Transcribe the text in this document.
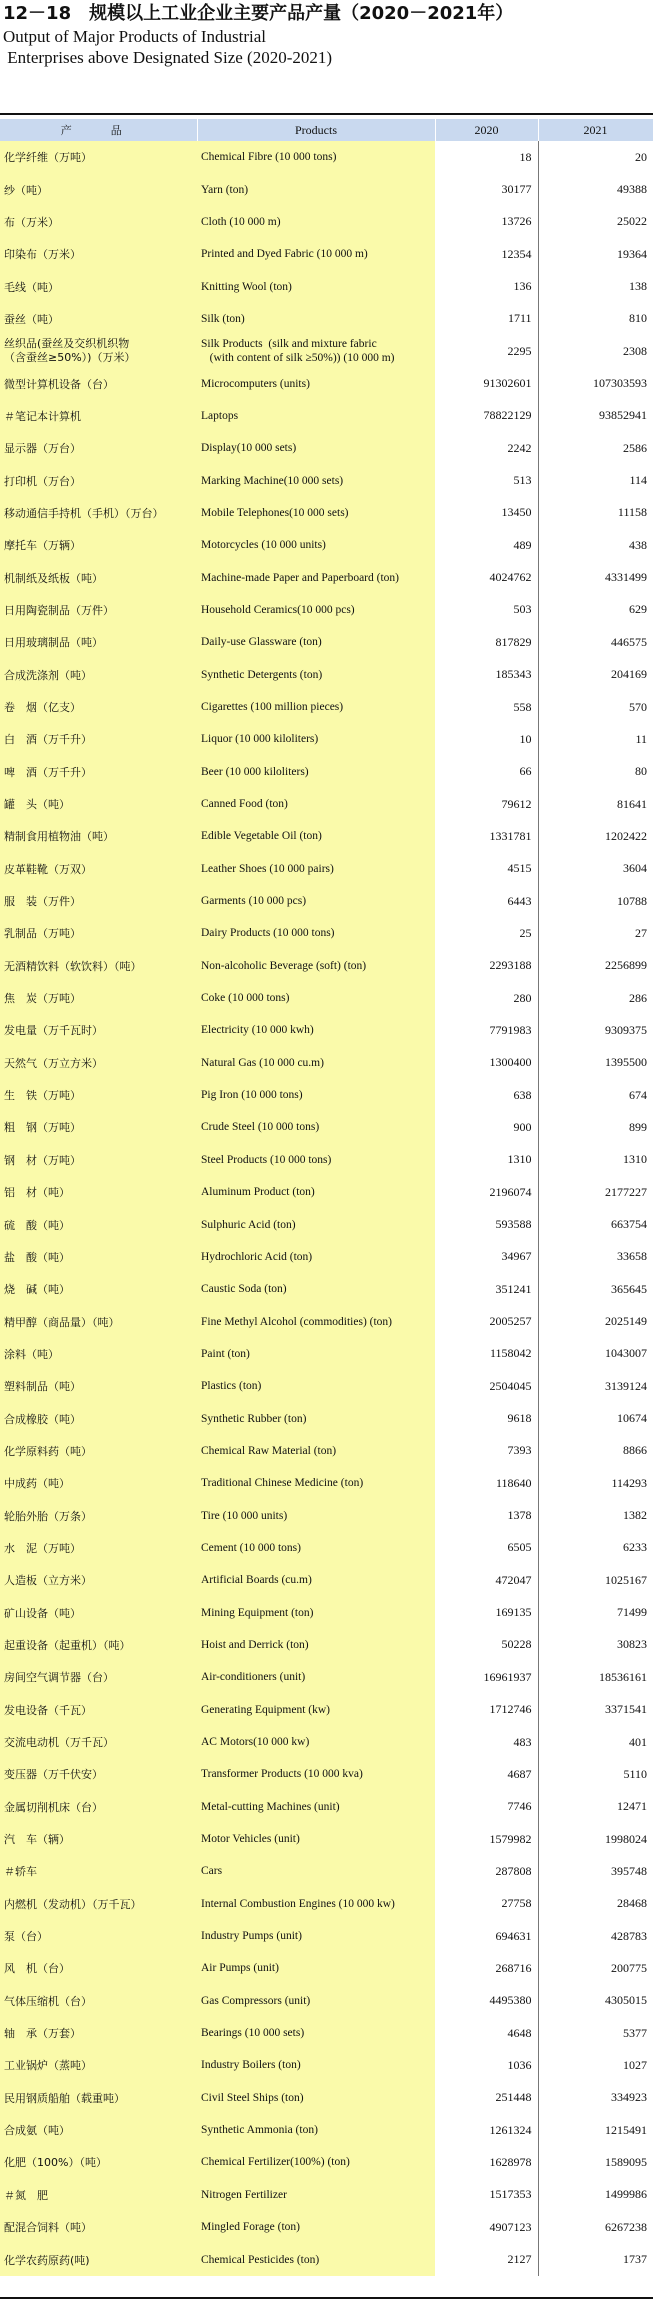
12－18　规模以上工业企业主要产品产量（2020－2021年）
Output of Major Products of Industrial
Enterprises above Designated Size (2020-2021)
产　品	Products	2020	2021
化学纤维（万吨）	Chemical Fibre (10 000 tons)	18	20
纱（吨）	Yarn (ton)	30177	49388
布（万米）	Cloth (10 000 m)	13726	25022
印染布（万米）	Printed and Dyed Fabric (10 000 m)	12354	19364
毛线（吨）	Knitting Wool (ton)	136	138
蚕丝（吨）	Silk (ton)	1711	810
丝织品(蚕丝及交织机织物
（含蚕丝≥50%）)（万米）	Silk Products  (silk and mixture fabric
(with content of silk ≥50%)) (10 000 m)	2295	2308
微型计算机设备（台）	Microcomputers (units)	91302601	107303593
＃笔记本计算机	Laptops	78822129	93852941
显示器（万台）	Display(10 000 sets)	2242	2586
打印机（万台）	Marking Machine(10 000 sets)	513	114
移动通信手持机（手机）（万台）	Mobile Telephones(10 000 sets)	13450	11158
摩托车（万辆）	Motorcycles (10 000 units)	489	438
机制纸及纸板（吨）	Machine-made Paper and Paperboard (ton)	4024762	4331499
日用陶瓷制品（万件）	Household Ceramics(10 000 pcs)	503	629
日用玻璃制品（吨）	Daily-use Glassware (ton)	817829	446575
合成洗涤剂（吨）	Synthetic Detergents (ton)	185343	204169
卷　烟（亿支）	Cigarettes (100 million pieces)	558	570
白　酒（万千升）	Liquor (10 000 kiloliters)	10	11
啤　酒（万千升）	Beer (10 000 kiloliters)	66	80
罐　头（吨）	Canned Food (ton)	79612	81641
精制食用植物油（吨）	Edible Vegetable Oil (ton)	1331781	1202422
皮革鞋靴（万双）	Leather Shoes (10 000 pairs)	4515	3604
服　装（万件）	Garments (10 000 pcs)	6443	10788
乳制品（万吨）	Dairy Products (10 000 tons)	25	27
无酒精饮料（软饮料）（吨）	Non-alcoholic Beverage (soft) (ton)	2293188	2256899
焦　炭（万吨）	Coke (10 000 tons)	280	286
发电量（万千瓦时）	Electricity (10 000 kwh)	7791983	9309375
天然气（万立方米）	Natural Gas (10 000 cu.m)	1300400	1395500
生　铁（万吨）	Pig Iron (10 000 tons)	638	674
粗　钢（万吨）	Crude Steel (10 000 tons)	900	899
钢　材（万吨）	Steel Products (10 000 tons)	1310	1310
铝　材（吨）	Aluminum Product (ton)	2196074	2177227
硫　酸（吨）	Sulphuric Acid (ton)	593588	663754
盐　酸（吨）	Hydrochloric Acid (ton)	34967	33658
烧　碱（吨）	Caustic Soda (ton)	351241	365645
精甲醇（商品量）（吨）	Fine Methyl Alcohol (commodities) (ton)	2005257	2025149
涂料（吨）	Paint (ton)	1158042	1043007
塑料制品（吨）	Plastics (ton)	2504045	3139124
合成橡胶（吨）	Synthetic Rubber (ton)	9618	10674
化学原料药（吨）	Chemical Raw Material (ton)	7393	8866
中成药（吨）	Traditional Chinese Medicine (ton)	118640	114293
轮胎外胎（万条）	Tire (10 000 units)	1378	1382
水　泥（万吨）	Cement (10 000 tons)	6505	6233
人造板（立方米）	Artificial Boards (cu.m)	472047	1025167
矿山设备（吨）	Mining Equipment (ton)	169135	71499
起重设备（起重机）（吨）	Hoist and Derrick (ton)	50228	30823
房间空气调节器（台）	Air-conditioners (unit)	16961937	18536161
发电设备（千瓦）	Generating Equipment (kw)	1712746	3371541
交流电动机（万千瓦）	AC Motors(10 000 kw)	483	401
变压器（万千伏安）	Transformer Products (10 000 kva)	4687	5110
金属切削机床（台）	Metal-cutting Machines (unit)	7746	12471
汽　车（辆）	Motor Vehicles (unit)	1579982	1998024
＃轿车	Cars	287808	395748
内燃机（发动机）（万千瓦）	Internal Combustion Engines (10 000 kw)	27758	28468
泵（台）	Industry Pumps (unit)	694631	428783
风　机（台）	Air Pumps (unit)	268716	200775
气体压缩机（台）	Gas Compressors (unit)	4495380	4305015
轴　承（万套）	Bearings (10 000 sets)	4648	5377
工业锅炉（蒸吨）	Industry Boilers (ton)	1036	1027
民用钢质船舶（载重吨）	Civil Steel Ships (ton)	251448	334923
合成氨（吨）	Synthetic Ammonia (ton)	1261324	1215491
化肥（100%）（吨）	Chemical Fertilizer(100%) (ton)	1628978	1589095
＃氮　肥	Nitrogen Fertilizer	1517353	1499986
配混合饲料（吨）	Mingled Forage (ton)	4907123	6267238
化学农药原药(吨)	Chemical Pesticides (ton)	2127	1737
